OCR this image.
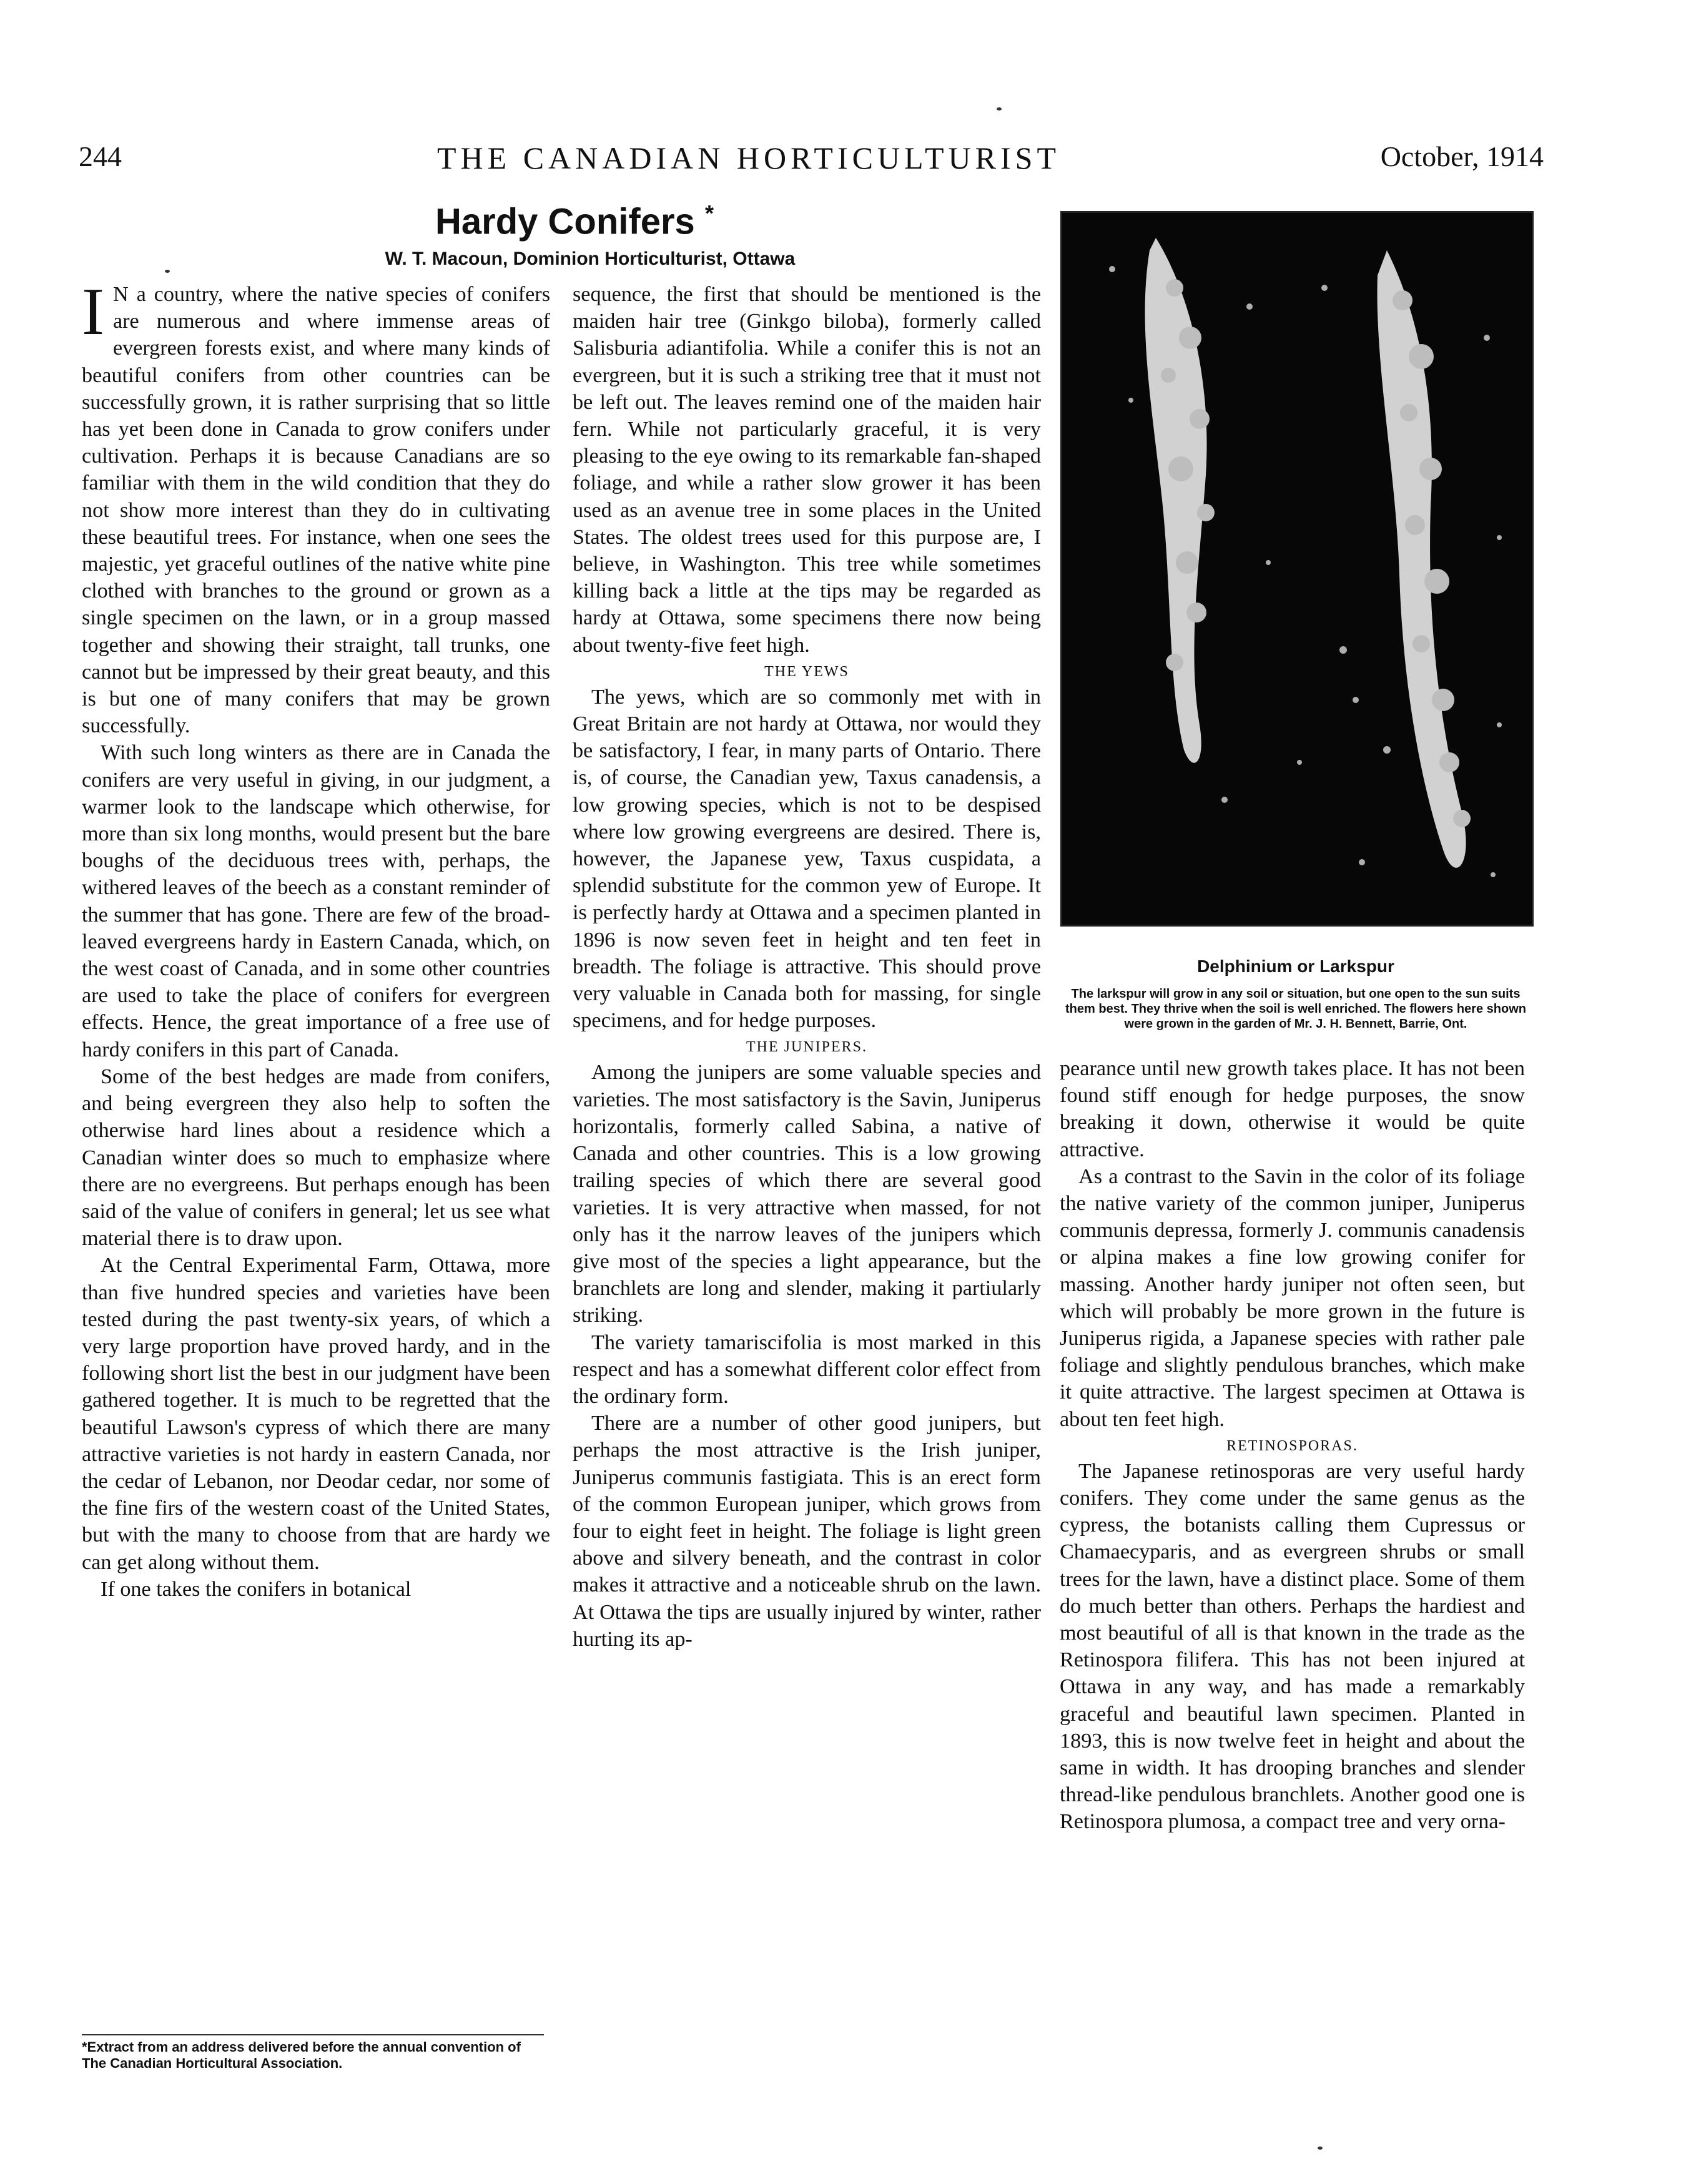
244	THE CANADIAN HORTICULTURIST	October, 1914
Hardy Conifers *
W. T. Macoun, Dominion Horticulturist, Ottawa

I N a country, where the native species of conifers are numerous and where immense areas of evergreen forests exist, and where many kinds of beautiful conifers from other countries can be successfully grown, it is rather surprising that so little has yet been done in Canada to grow conifers under cultivation. Perhaps it is because Canadians are so familiar with them in the wild condition that they do not show more interest than they do in cultivating these beautiful trees. For instance, when one sees the majestic, yet graceful outlines of the native white pine clothed with branches to the ground or grown as a single specimen on the lawn, or in a group massed together and showing their straight, tall trunks, one cannot but be impressed by their great beauty, and this is but one of many conifers that may be grown successfully.

With such long winters as there are in Canada the conifers are very useful in giving, in our judgment, a warmer look to the landscape which otherwise, for more than six long months, would present but the bare boughs of the deciduous trees with, perhaps, the withered leaves of the beech as a constant reminder of the summer that has gone. There are few of the broad-leaved evergreens hardy in Eastern Canada, which, on the west coast of Canada, and in some other countries are used to take the place of conifers for evergreen effects. Hence, the great importance of a free use of hardy conifers in this part of Canada.

Some of the best hedges are made from conifers, and being evergreen they also help to soften the otherwise hard lines about a residence which a Canadian winter does so much to emphasize where there are no evergreens. But perhaps enough has been said of the value of conifers in general; let us see what material there is to draw upon.

At the Central Experimental Farm, Ottawa, more than five hundred species and varieties have been tested during the past twenty-six years, of which a very large proportion have proved hardy, and in the following short list the best in our judgment have been gathered together. It is much to be regretted that the beautiful Lawson's cypress of which there are many attractive varieties is not hardy in eastern Canada, nor the cedar of Lebanon, nor Deodar cedar, nor some of the fine firs of the western coast of the United States, but with the many to choose from that are hardy we can get along without them.

If one takes the conifers in botanical

*Extract from an address delivered before the annual convention of The Canadian Horticultural Association.

sequence, the first that should be mentioned is the maiden hair tree (Ginkgo biloba), formerly called Salisburia adiantifolia. While a conifer this is not an evergreen, but it is such a striking tree that it must not be left out. The leaves remind one of the maiden hair fern. While not particularly graceful, it is very pleasing to the eye owing to its remarkable fan-shaped foliage, and while a rather slow grower it has been used as an avenue tree in some places in the United States. The oldest trees used for this purpose are, I believe, in Washington. This tree while sometimes killing back a little at the tips may be regarded as hardy at Ottawa, some specimens there now being about twenty-five feet high.

THE YEWS

The yews, which are so commonly met with in Great Britain are not hardy at Ottawa, nor would they be satisfactory, I fear, in many parts of Ontario. There is, of course, the Canadian yew, Taxus canadensis, a low growing species, which is not to be despised where low growing evergreens are desired. There is, however, the Japanese yew, Taxus cuspidata, a splendid substitute for the common yew of Europe. It is perfectly hardy at Ottawa and a specimen planted in 1896 is now seven feet in height and ten feet in breadth. The foliage is attractive. This should prove very valuable in Canada both for massing, for single specimens, and for hedge purposes.

THE JUNIPERS.

Among the junipers are some valuable species and varieties. The most satisfactory is the Savin, Juniperus horizontalis, formerly called Sabina, a native of Canada and other countries. This is a low growing trailing species of which there are several good varieties. It is very attractive when massed, for not only has it the narrow leaves of the junipers which give most of the species a light appearance, but the branchlets are long and slender, making it partiularly striking.

The variety tamariscifolia is most marked in this respect and has a somewhat different color effect from the ordinary form.

There are a number of other good junipers, but perhaps the most attractive is the Irish juniper, Juniperus communis fastigiata. This is an erect form of the common European juniper, which grows from four to eight feet in height. The foliage is light green above and silvery beneath, and the contrast in color makes it attractive and a noticeable shrub on the lawn. At Ottawa the tips are usually injured by winter, rather hurting its ap-

Delphinium or Larkspur
The larkspur will grow in any soil or situation, but one open to the sun suits them best. They thrive when the soil is well enriched. The flowers here shown were grown in the garden of Mr. J. H. Bennett, Barrie, Ont.

pearance until new growth takes place. It has not been found stiff enough for hedge purposes, the snow breaking it down, otherwise it would be quite attractive.

As a contrast to the Savin in the color of its foliage the native variety of the common juniper, Juniperus communis depressa, formerly J. communis canadensis or alpina makes a fine low growing conifer for massing. Another hardy juniper not often seen, but which will probably be more grown in the future is Juniperus rigida, a Japanese species with rather pale foliage and slightly pendulous branches, which make it quite attractive. The largest specimen at Ottawa is about ten feet high.

RETINOSPORAS.

The Japanese retinosporas are very useful hardy conifers. They come under the same genus as the cypress, the botanists calling them Cupressus or Chamaecyparis, and as evergreen shrubs or small trees for the lawn, have a distinct place. Some of them do much better than others. Perhaps the hardiest and most beautiful of all is that known in the trade as the Retinospora filifera. This has not been injured at Ottawa in any way, and has made a remarkably graceful and beautiful lawn specimen. Planted in 1893, this is now twelve feet in height and about the same in width. It has drooping branches and slender thread-like pendulous branchlets. Another good one is Retinospora plumosa, a compact tree and very orna-
